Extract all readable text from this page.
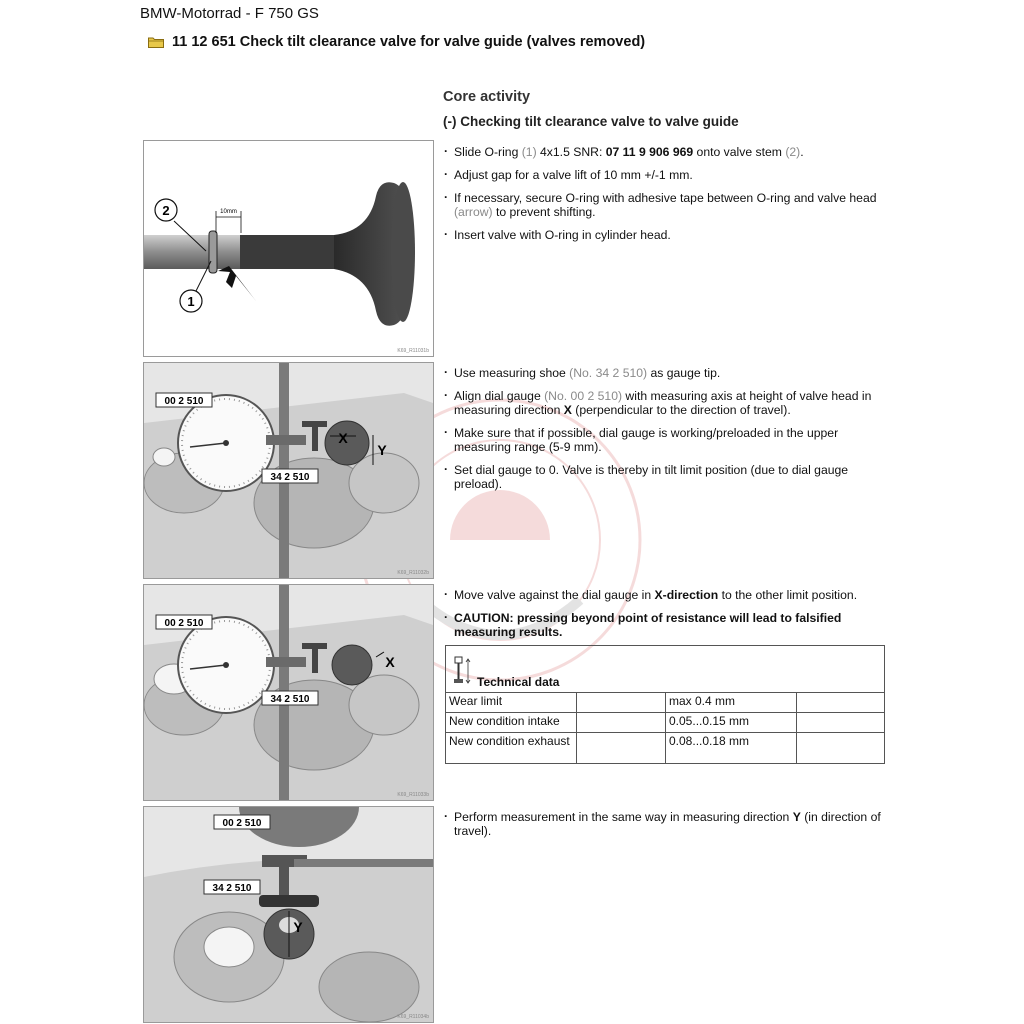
BMW-Motorrad - F 750 GS
11 12 651 Check tilt clearance valve for valve guide (valves removed)
Core activity
(-) Checking tilt clearance valve to valve guide
· Slide O-ring (1) 4x1.5 SNR: 07 11 9 906 969 onto valve stem (2).
· Adjust gap for a valve lift of 10 mm +/-1 mm.
· If necessary, secure O-ring with adhesive tape between O-ring and valve head (arrow) to prevent shifting.
· Insert valve with O-ring in cylinder head.
· Use measuring shoe (No. 34 2 510) as gauge tip.
· Align dial gauge (No. 00 2 510) with measuring axis at height of valve head in measuring direction X (perpendicular to the direction of travel).
· Make sure that if possible, dial gauge is working/preloaded in the upper measuring range (5-9 mm).
· Set dial gauge to 0. Valve is thereby in tilt limit position (due to dial gauge preload).
· Move valve against the dial gauge in X-direction to the other limit position.
· CAUTION: pressing beyond point of resistance will lead to falsified measuring results.
Technical data			

Wear limit		max 0.4 mm	
New condition intake		0.05...0.15 mm	
New condition exhaust		0.08...0.18 mm	
· Perform measurement in the same way in measuring direction Y (in direction of travel).
10mm
2
1
K69_R11031b
00 2 510
34 2 510
X
Y
K69_R11032b
00 2 510
34 2 510
X
K69_R11033b
00 2 510
34 2 510
Y
K69_R11034b
